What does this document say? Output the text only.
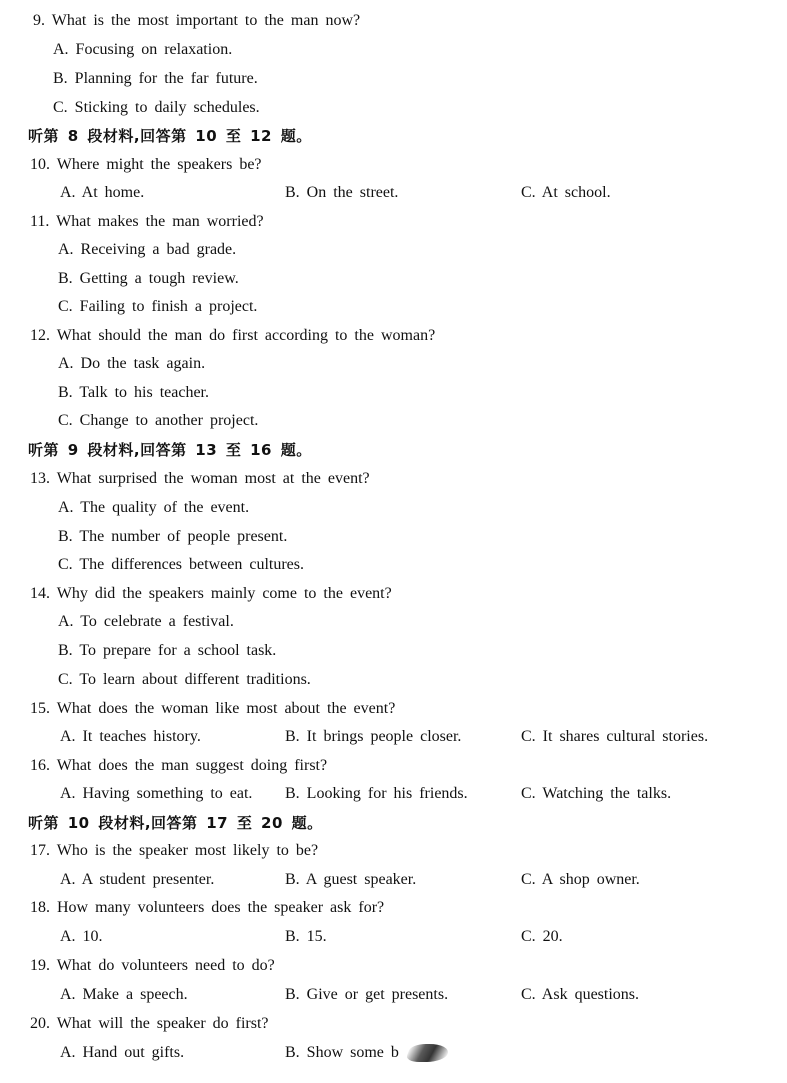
9. What is the most important to the man now?
A. Focusing on relaxation.
B. Planning for the far future.
C. Sticking to daily schedules.
听第 8 段材料,回答第 10 至 12 题。
10. Where might the speakers be?
A. At home.	B. On the street.	C. At school.
11. What makes the man worried?
A. Receiving a bad grade.
B. Getting a tough review.
C. Failing to finish a project.
12. What should the man do first according to the woman?
A. Do the task again.
B. Talk to his teacher.
C. Change to another project.
听第 9 段材料,回答第 13 至 16 题。
13. What surprised the woman most at the event?
A. The quality of the event.
B. The number of people present.
C. The differences between cultures.
14. Why did the speakers mainly come to the event?
A. To celebrate a festival.
B. To prepare for a school task.
C. To learn about different traditions.
15. What does the woman like most about the event?
A. It teaches history.	B. It brings people closer.	C. It shares cultural stories.
16. What does the man suggest doing first?
A. Having something to eat. B. Looking for his friends.	C. Watching the talks.
听第 10 段材料,回答第 17 至 20 题。
17. Who is the speaker most likely to be?
A. A student presenter.	B. A guest speaker.	C. A shop owner.
18. How many volunteers does the speaker ask for?
A. 10.	B. 15.	C. 20.
19. What do volunteers need to do?
A. Make a speech.	B. Give or get presents.	C. Ask questions.
20. What will the speaker do first?
A. Hand out gifts.	B. Show some b
